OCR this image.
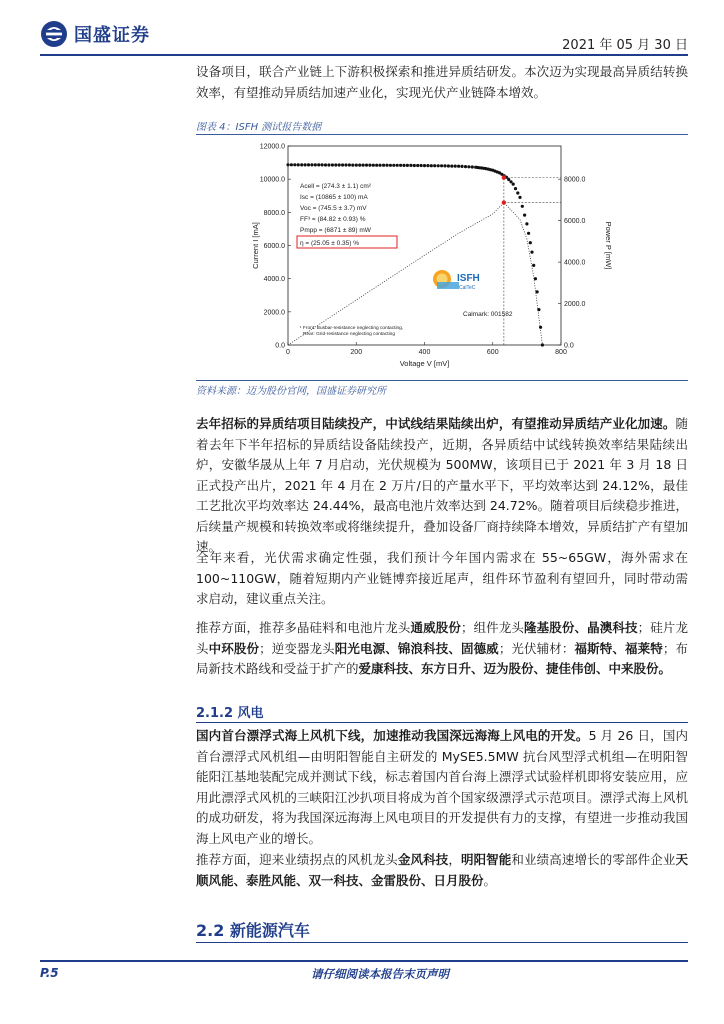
国盛证券	2021 年 05 月 30 日
设备项目，联合产业链上下游积极探索和推进异质结研发。本次迈为实现最高异质结转换效率，有望推动异质结加速产业化，实现光伏产业链降本增效。
图表 4：ISFH 测试报告数据
0	200	400	600	800
0.0
2000.0
4000.0
6000.0
8000.0
10000.0
12000.0
0.0
2000.0
4000.0
6000.0
8000.0
Voltage V [mV]
Current I [mA]	Power P [mW]
Acell = (274.3 ± 1.1) cm²
Isc = (10865 ± 100) mA
Voc = (745.5 ± 3.7) mV
FF³ = (84.82 ± 0.93) %
Pmpp = (6871 ± 89) mW
η = (25.05 ± 0.35) %
ISFH
CalTeC
Calmark: 001582
¹ Front: Busbar-resistance neglecting contacting,
Rear: Grid-resistance neglecting contacting
资料来源：迈为股份官网，国盛证券研究所
去年招标的异质结项目陆续投产，中试线结果陆续出炉，有望推动异质结产业化加速。随着去年下半年招标的异质结设备陆续投产，近期，各异质结中试线转换效率结果陆续出炉，安徽华晟从上年 7 月启动，光伏规模为 500MW，该项目已于 2021 年 3 月 18 日正式投产出片，2021 年 4 月在 2 万片/日的产量水平下，平均效率达到 24.12%，最佳工艺批次平均效率达 24.44%，最高电池片效率达到 24.72%。随着项目后续稳步推进，后续量产规模和转换效率或将继续提升，叠加设备厂商持续降本增效，异质结扩产有望加速。
全年来看，光伏需求确定性强，我们预计今年国内需求在 55~65GW，海外需求在 100~110GW，随着短期内产业链博弈接近尾声，组件环节盈利有望回升，同时带动需求启动，建议重点关注。
推荐方面，推荐多晶硅料和电池片龙头通威股份；组件龙头隆基股份、晶澳科技；硅片龙头中环股份；逆变器龙头阳光电源、锦浪科技、固德威；光伏辅材：福斯特、福莱特；布局新技术路线和受益于扩产的爱康科技、东方日升、迈为股份、捷佳伟创、中来股份。
2.1.2 风电
国内首台漂浮式海上风机下线，加速推动我国深远海海上风电的开发。5 月 26 日，国内首台漂浮式风机组—由明阳智能自主研发的 MySE5.5MW 抗台风型浮式机组—在明阳智能阳江基地装配完成并测试下线，标志着国内首台海上漂浮式试验样机即将安装应用，应用此漂浮式风机的三峡阳江沙扒项目将成为首个国家级漂浮式示范项目。漂浮式海上风机的成功研发，将为我国深远海海上风电项目的开发提供有力的支撑，有望进一步推动我国海上风电产业的增长。
推荐方面，迎来业绩拐点的风机龙头金风科技，明阳智能和业绩高速增长的零部件企业天顺风能、泰胜风能、双一科技、金雷股份、日月股份。
2.2 新能源汽车
P.5	请仔细阅读本报告末页声明
